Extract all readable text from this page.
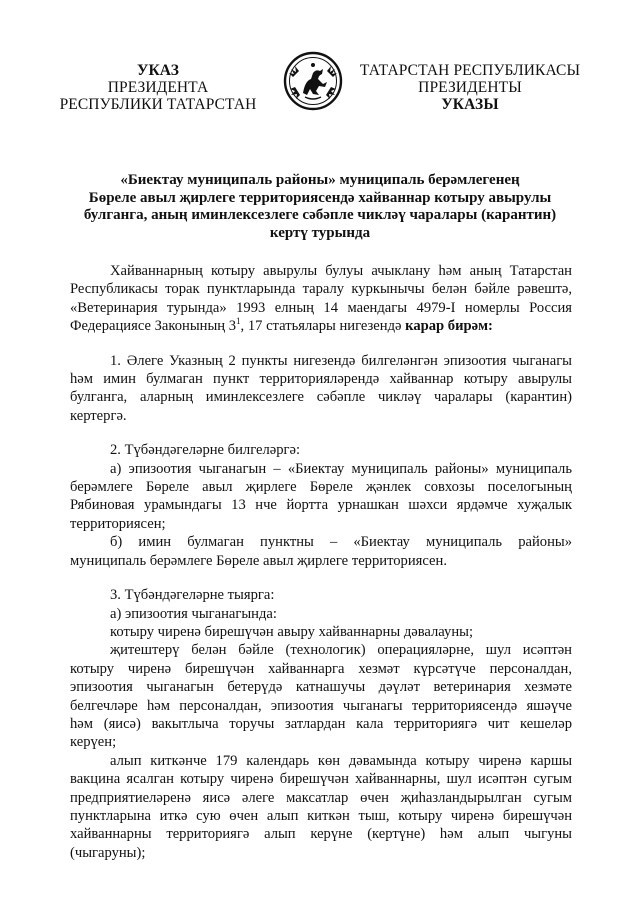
УКАЗ
ПРЕЗИДЕНТА
РЕСПУБЛИКИ ТАТАРСТАН
ТАТАРСТАН РЕСПУБЛИКАСЫ
ПРЕЗИДЕНТЫ
УКАЗЫ
«Биектау муниципаль районы» муниципаль берәмлегенең
Бөреле авыл җирлеге территориясендә хайваннар котыру авырулы
булганга, аның иминлексезлеге сәбәпле чикләү чаралары (карантин)
кертү турында
Хайваннарның котыру авырулы булуы ачыклану һәм аның Татарстан
Республикасы торак пунктларында таралу куркынычы белән бәйле рәвештә,
«Ветеринария турында» 1993 елның 14 маендагы 4979-I номерлы Россия
Федерациясе Законының $3^1$, 17 статьялары нигезендә карар бирәм:
1. Әлеге Указның 2 пункты нигезендә билгеләнгән эпизоотия чыганагы
һәм имин булмаган пункт территорияләрендә хайваннар котыру авырулы
булганга, аларның иминлексезлеге сәбәпле чикләү чаралары (карантин)
кертергә.
2. Түбәндәгеләрне билгеләргә:
а) эпизоотия чыганагын – «Биектау муниципаль районы» муниципаль
берәмлеге Бөреле авыл җирлеге Бөреле җәнлек совхозы поселогының
Рябиновая урамындагы 13 нче йортта урнашкан шәхси ярдәмче хуҗалык
территориясен;
б) имин булмаган пунктны – «Биектау муниципаль районы»
муниципаль берәмлеге Бөреле авыл җирлеге территориясен.
3. Түбәндәгеләрне тыярга:
а) эпизоотия чыганагында:
котыру чиренә бирешүчән авыру хайваннарны дәвалауны;
җитештерү белән бәйле (технологик) операцияләрне, шул исәптән
котыру чиренә бирешүчән хайваннарга хезмәт күрсәтүче персоналдан,
эпизоотия чыганагын бетерүдә катнашучы дәүләт ветеринария хезмәте
белгечләре һәм персоналдан, эпизоотия чыганагы территориясендә яшәүче
һәм (яисә) вакытлыча торучы затлардан кала территориягә чит кешеләр
керүен;
алып киткәнче 179 календарь көн дәвамында котыру чиренә каршы
вакцина ясалган котыру чиренә бирешүчән хайваннарны, шул исәптән сугым
предприятиеләренә яисә әлеге максатлар өчен җиһазландырылган сугым
пунктларына иткә сую өчен алып киткән тыш, котыру чиренә бирешүчән
хайваннарны территориягә алып керүне (кертүне) һәм алып чыгуны
(чыгаруны);
